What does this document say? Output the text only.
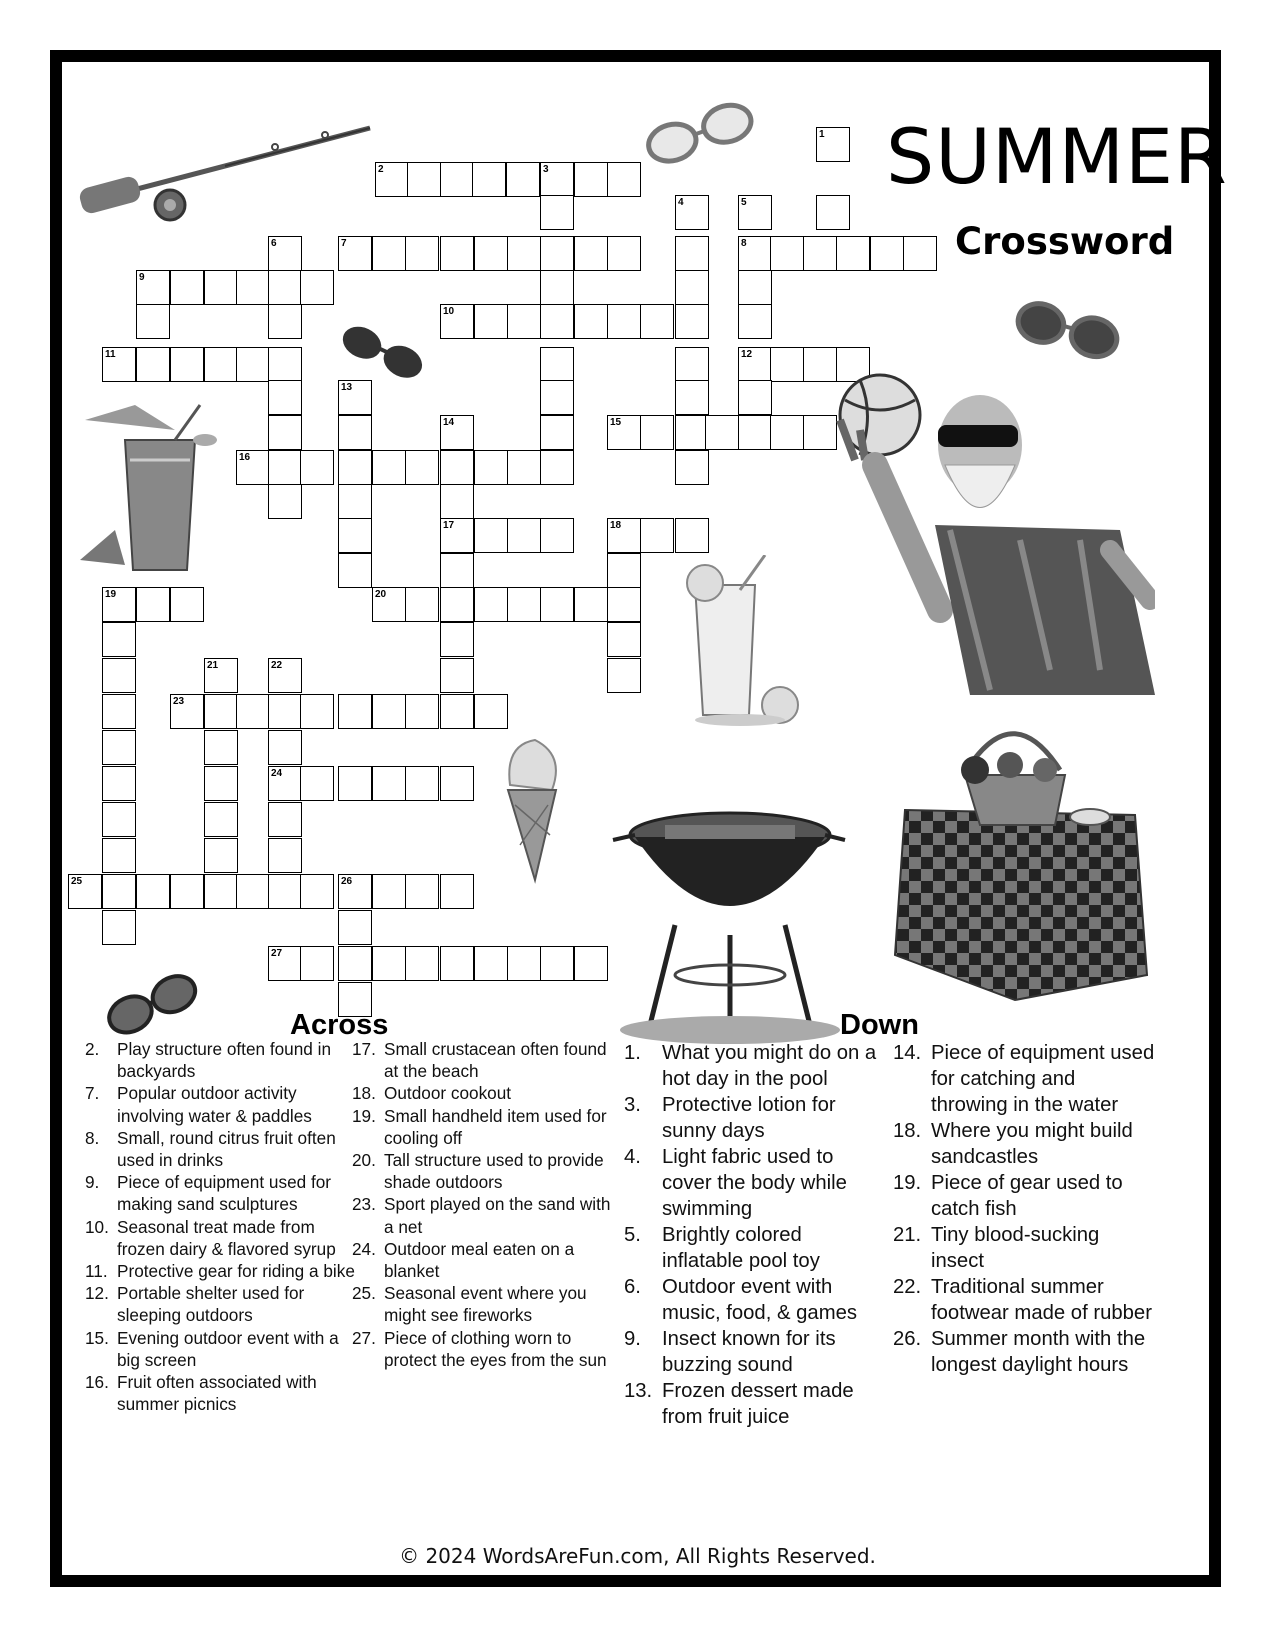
SUMMER
Crossword
1
2	3
4	5
6	7	8
9
10
11	12
13
14	15
16
17	18
19	20
21	22
23
24
25	26
27
Across	Down
2. Play structure often found in backyards
7. Popular outdoor activity involving water & paddles
8. Small, round citrus fruit often used in drinks
9. Piece of equipment used for making sand sculptures
10. Seasonal treat made from frozen dairy & flavored syrup
11. Protective gear for riding a bike
12. Portable shelter used for sleeping outdoors
15. Evening outdoor event with a big screen
16. Fruit often associated with summer picnics
17. Small crustacean often found at the beach
18. Outdoor cookout
19. Small handheld item used for cooling off
20. Tall structure used to provide shade outdoors
23. Sport played on the sand with a net
24. Outdoor meal eaten on a blanket
25. Seasonal event where you might see fireworks
27. Piece of clothing worn to protect the eyes from the sun
1. What you might do on a hot day in the pool
3. Protective lotion for sunny days
4. Light fabric used to cover the body while swimming
5. Brightly colored inflatable pool toy
6. Outdoor event with music, food, & games
9. Insect known for its buzzing sound
13. Frozen dessert made from fruit juice
14. Piece of equipment used for catching and throwing in the water
18. Where you might build sandcastles
19. Piece of gear used to catch fish
21. Tiny blood-sucking insect
22. Traditional summer footwear made of rubber
26. Summer month with the longest daylight hours
© 2024 WordsAreFun.com, All Rights Reserved.
